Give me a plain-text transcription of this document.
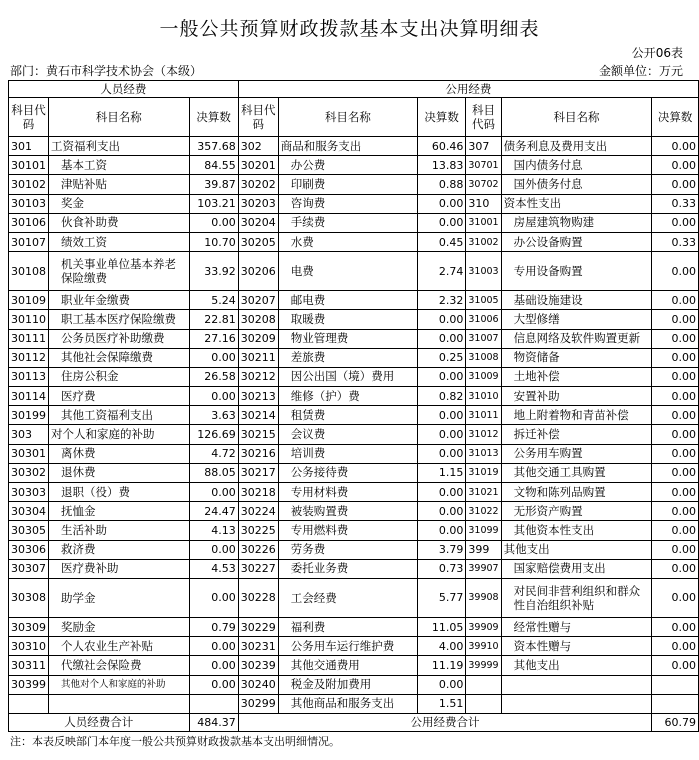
一般公共预算财政拨款基本支出决算明细表
公开06表
部门：黄石市科学技术协会（本级）	金额单位：万元
人员经费			公用经费					
科目代码	科目名称	决算数	科目代码	科目名称	决算数	科目代码	科目名称	决算数
301	工资福利支出	357.68	302	商品和服务支出	60.46	307	债务利息及费用支出	0.00
30101	基本工资	84.55	30201	办公费	13.83	30701	国内债务付息	0.00
30102	津贴补贴	39.87	30202	印刷费	0.88	30702	国外债务付息	0.00
30103	奖金	103.21	30203	咨询费	0.00	310	资本性支出	0.33
30106	伙食补助费	0.00	30204	手续费	0.00	31001	房屋建筑物购建	0.00
30107	绩效工资	10.70	30205	水费	0.45	31002	办公设备购置	0.33
30108	机关事业单位基本养老保险缴费	33.92	30206	电费	2.74	31003	专用设备购置	0.00
30109	职业年金缴费	5.24	30207	邮电费	2.32	31005	基础设施建设	0.00
30110	职工基本医疗保险缴费	22.81	30208	取暖费	0.00	31006	大型修缮	0.00
30111	公务员医疗补助缴费	27.16	30209	物业管理费	0.00	31007	信息网络及软件购置更新	0.00
30112	其他社会保障缴费	0.00	30211	差旅费	0.25	31008	物资储备	0.00
30113	住房公积金	26.58	30212	因公出国（境）费用	0.00	31009	土地补偿	0.00
30114	医疗费	0.00	30213	维修（护）费	0.82	31010	安置补助	0.00
30199	其他工资福利支出	3.63	30214	租赁费	0.00	31011	地上附着物和青苗补偿	0.00
303	对个人和家庭的补助	126.69	30215	会议费	0.00	31012	拆迁补偿	0.00
30301	离休费	4.72	30216	培训费	0.00	31013	公务用车购置	0.00
30302	退休费	88.05	30217	公务接待费	1.15	31019	其他交通工具购置	0.00
30303	退职（役）费	0.00	30218	专用材料费	0.00	31021	文物和陈列品购置	0.00
30304	抚恤金	24.47	30224	被装购置费	0.00	31022	无形资产购置	0.00
30305	生活补助	4.13	30225	专用燃料费	0.00	31099	其他资本性支出	0.00
30306	救济费	0.00	30226	劳务费	3.79	399	其他支出	0.00
30307	医疗费补助	4.53	30227	委托业务费	0.73	39907	国家赔偿费用支出	0.00
30308	助学金	0.00	30228	工会经费	5.77	39908	对民间非营利组织和群众性自治组织补贴	0.00
30309	奖励金	0.79	30229	福利费	11.05	39909	经常性赠与	0.00
30310	个人农业生产补贴	0.00	30231	公务用车运行维护费	4.00	39910	资本性赠与	0.00
30311	代缴社会保险费	0.00	30239	其他交通费用	11.19	39999	其他支出	0.00
30399	其他对个人和家庭的补助	0.00	30240	税金及附加费用	0.00			
			30299	其他商品和服务支出	1.51			
人员经费合计		484.37	公用经费合计					60.79
注：本表反映部门本年度一般公共预算财政拨款基本支出明细情况。
